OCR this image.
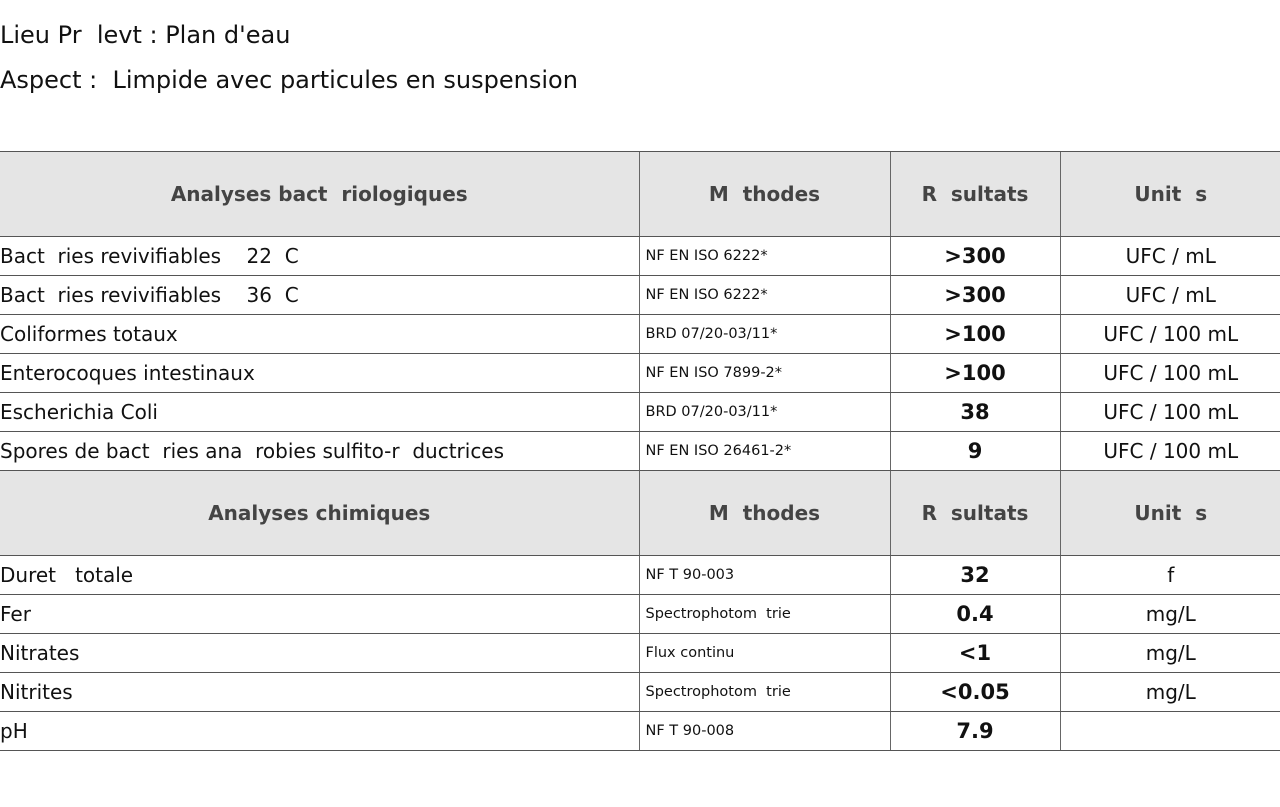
Lieu Pr  levt : Plan d'eau
Aspect :  Limpide avec particules en suspension
Analyses bact  riologiques	M  thodes	R  sultats	Unit  s
Bact  ries revivifiables    22  C	NF EN ISO 6222*	>300	UFC / mL
Bact  ries revivifiables    36  C	NF EN ISO 6222*	>300	UFC / mL
Coliformes totaux	BRD 07/20-03/11*	>100	UFC / 100 mL
Enterocoques intestinaux	NF EN ISO 7899-2*	>100	UFC / 100 mL
Escherichia Coli	BRD 07/20-03/11*	38	UFC / 100 mL
Spores de bact  ries ana  robies sulfito-r  ductrices	NF EN ISO 26461-2*	9	UFC / 100 mL
Analyses chimiques	M  thodes	R  sultats	Unit  s
Duret   totale	NF T 90-003	32	f
Fer	Spectrophotom  trie	0.4	mg/L
Nitrates	Flux continu	<1	mg/L
Nitrites	Spectrophotom  trie	<0.05	mg/L
pH	NF T 90-008	7.9	
